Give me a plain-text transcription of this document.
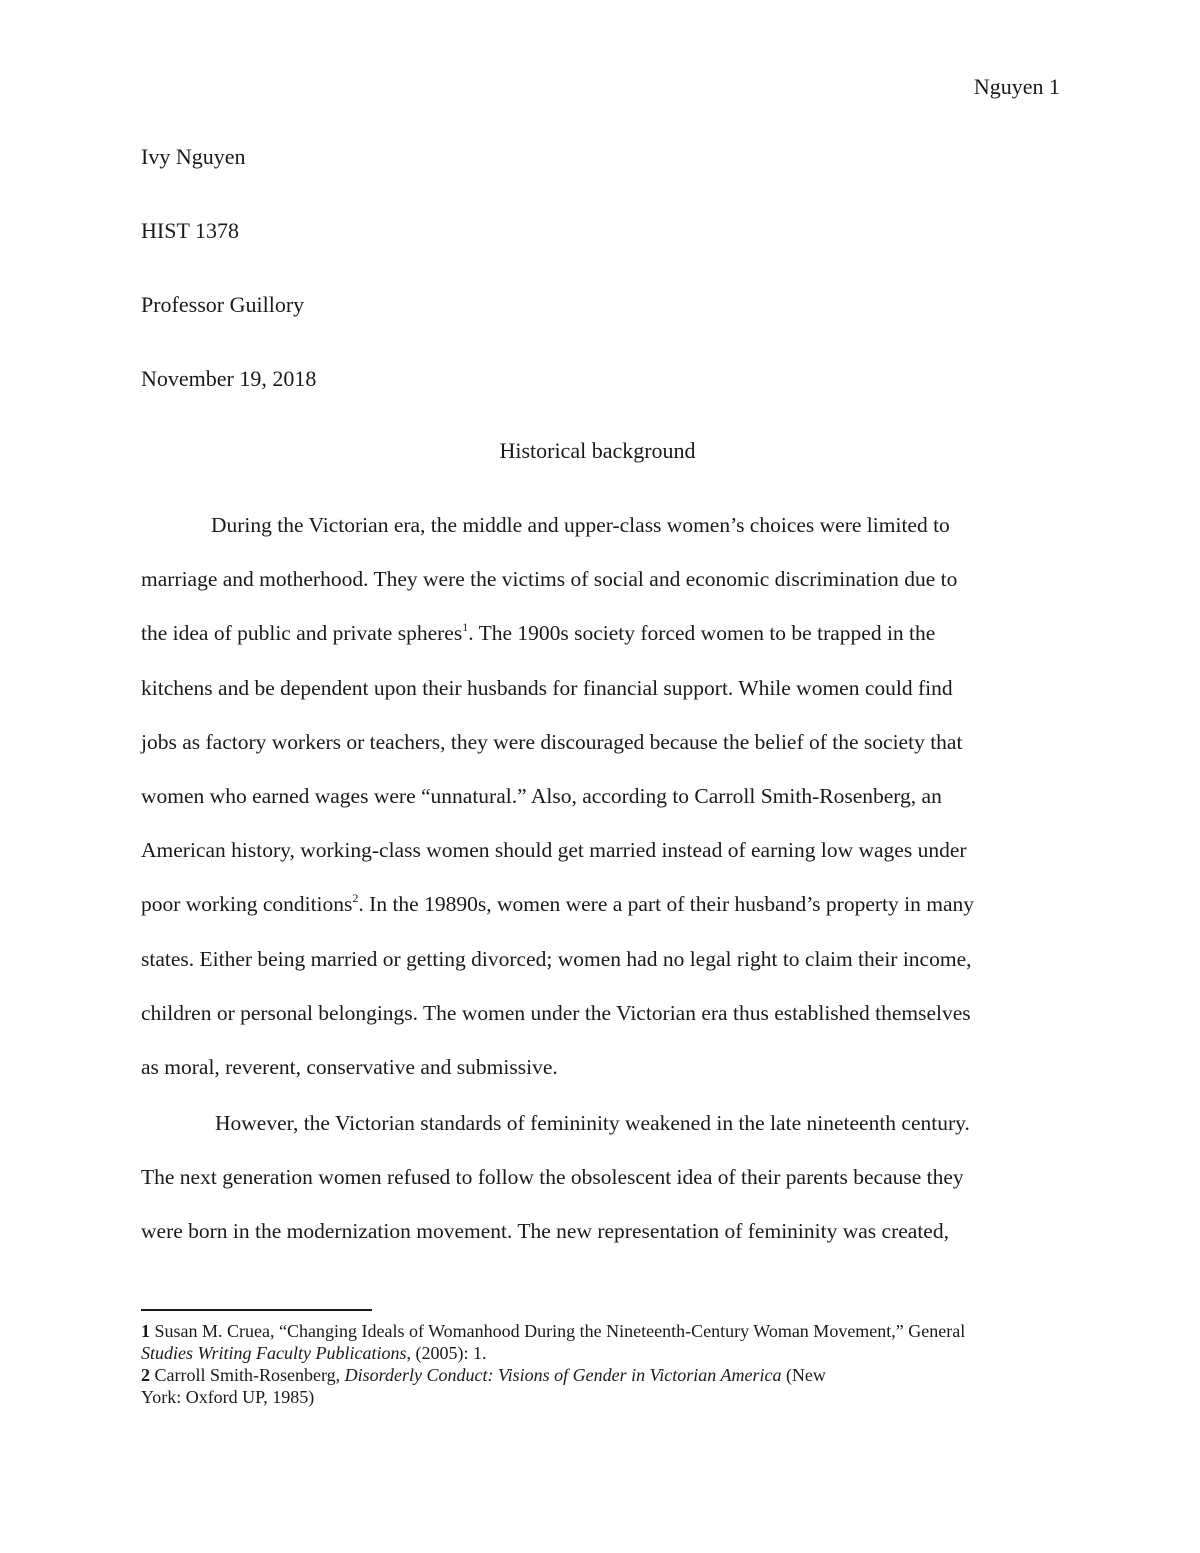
Nguyen 1
Ivy Nguyen
HIST 1378
Professor Guillory
November 19, 2018
Historical background
During the Victorian era, the middle and upper-class women’s choices were limited to
marriage and motherhood. They were the victims of social and economic discrimination due to
the idea of public and private spheres$^1$. The 1900s society forced women to be trapped in the
kitchens and be dependent upon their husbands for financial support. While women could find
jobs as factory workers or teachers, they were discouraged because the belief of the society that
women who earned wages were “unnatural.” Also, according to Carroll Smith-Rosenberg, an
American history, working-class women should get married instead of earning low wages under
poor working conditions$^2$. In the 19890s, women were a part of their husband’s property in many
states. Either being married or getting divorced; women had no legal right to claim their income,
children or personal belongings. The women under the Victorian era thus established themselves
as moral, reverent, conservative and submissive.
However, the Victorian standards of femininity weakened in the late nineteenth century.
The next generation women refused to follow the obsolescent idea of their parents because they
were born in the modernization movement. The new representation of femininity was created,
1 Susan M. Cruea, “Changing Ideals of Womanhood During the Nineteenth-Century Woman Movement,” General
Studies Writing Faculty Publications, (2005): 1.
2 Carroll Smith-Rosenberg, Disorderly Conduct: Visions of Gender in Victorian America (New
York: Oxford UP, 1985)
